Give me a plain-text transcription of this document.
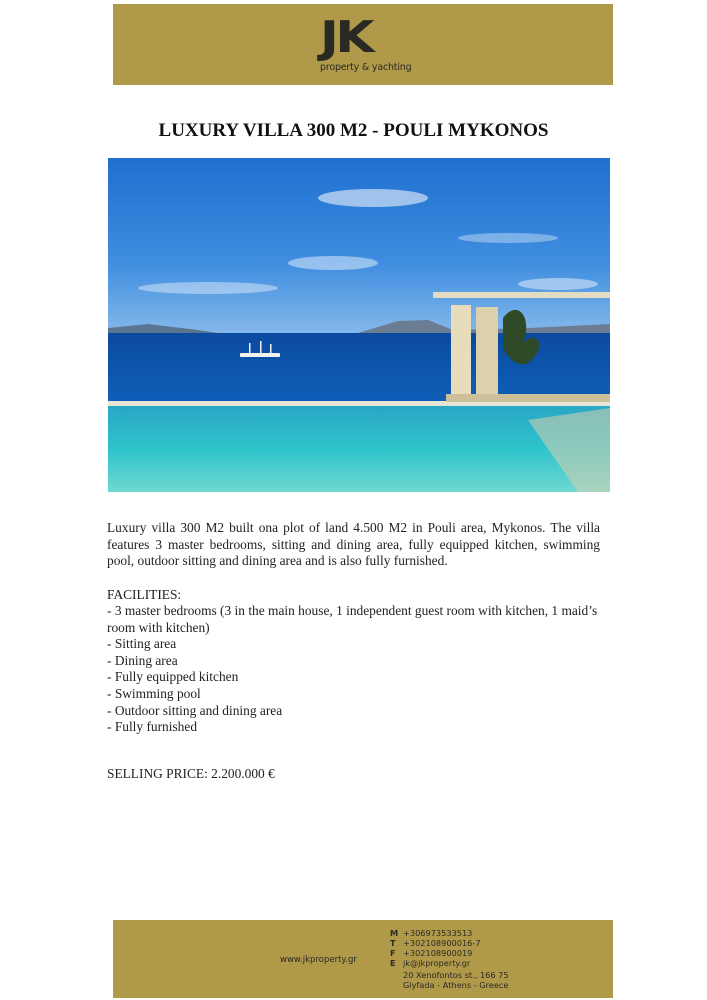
JK
property & yachting
LUXURY VILLA 300 M2 - POULI MYKONOS
Luxury villa 300 M2 built ona plot of land 4.500 M2 in Pouli area, Mykonos. The villa features 3 master bedrooms, sitting and dining area, fully equipped kitchen, swimming pool, outdoor sitting and dining area and is also fully furnished.
FACILITIES:
- 3 master bedrooms (3 in the main house, 1 independent guest room with kitchen, 1 maid’s room with kitchen)
- Sitting area
- Dining area
- Fully equipped kitchen
- Swimming pool
- Outdoor sitting and dining area
- Fully furnished
SELLING PRICE: 2.200.000 €
www.jkproperty.gr
M +306973533513
T +302108900016-7
F +302108900019
E jk@jkproperty.gr
20 Xenofontos st., 166 75
Glyfada - Athens - Greece
